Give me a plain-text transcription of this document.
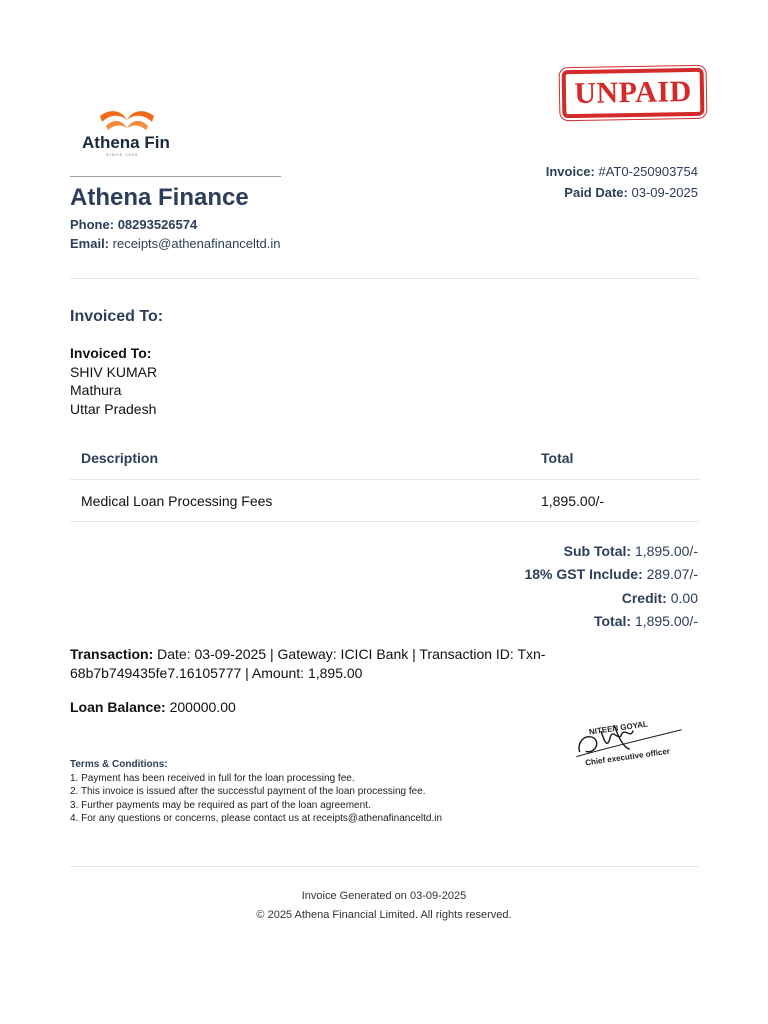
UNPAID
Athena Fin
SINCE 1990
Athena Finance
Phone: 08293526574
Email: receipts@athenafinanceltd.in
Invoice: #AT0-250903754
Paid Date: 03-09-2025
Invoiced To:
Invoiced To:
SHIV KUMAR
Mathura
Uttar Pradesh
Description	Total
Medical Loan Processing Fees	1,895.00/-
Sub Total: 1,895.00/-
18% GST Include: 289.07/-
Credit: 0.00
Total: 1,895.00/-
Transaction: Date: 03-09-2025 | Gateway: ICICI Bank | Transaction ID: Txn-68b7b749435fe7.16105777 | Amount: 1,895.00
Loan Balance: 200000.00
NITEEN GOYAL
Chief executive officer
Terms & Conditions:
1. Payment has been received in full for the loan processing fee.
2. This invoice is issued after the successful payment of the loan processing fee.
3. Further payments may be required as part of the loan agreement.
4. For any questions or concerns, please contact us at receipts@athenafinanceltd.in
Invoice Generated on 03-09-2025
© 2025 Athena Financial Limited. All rights reserved.
